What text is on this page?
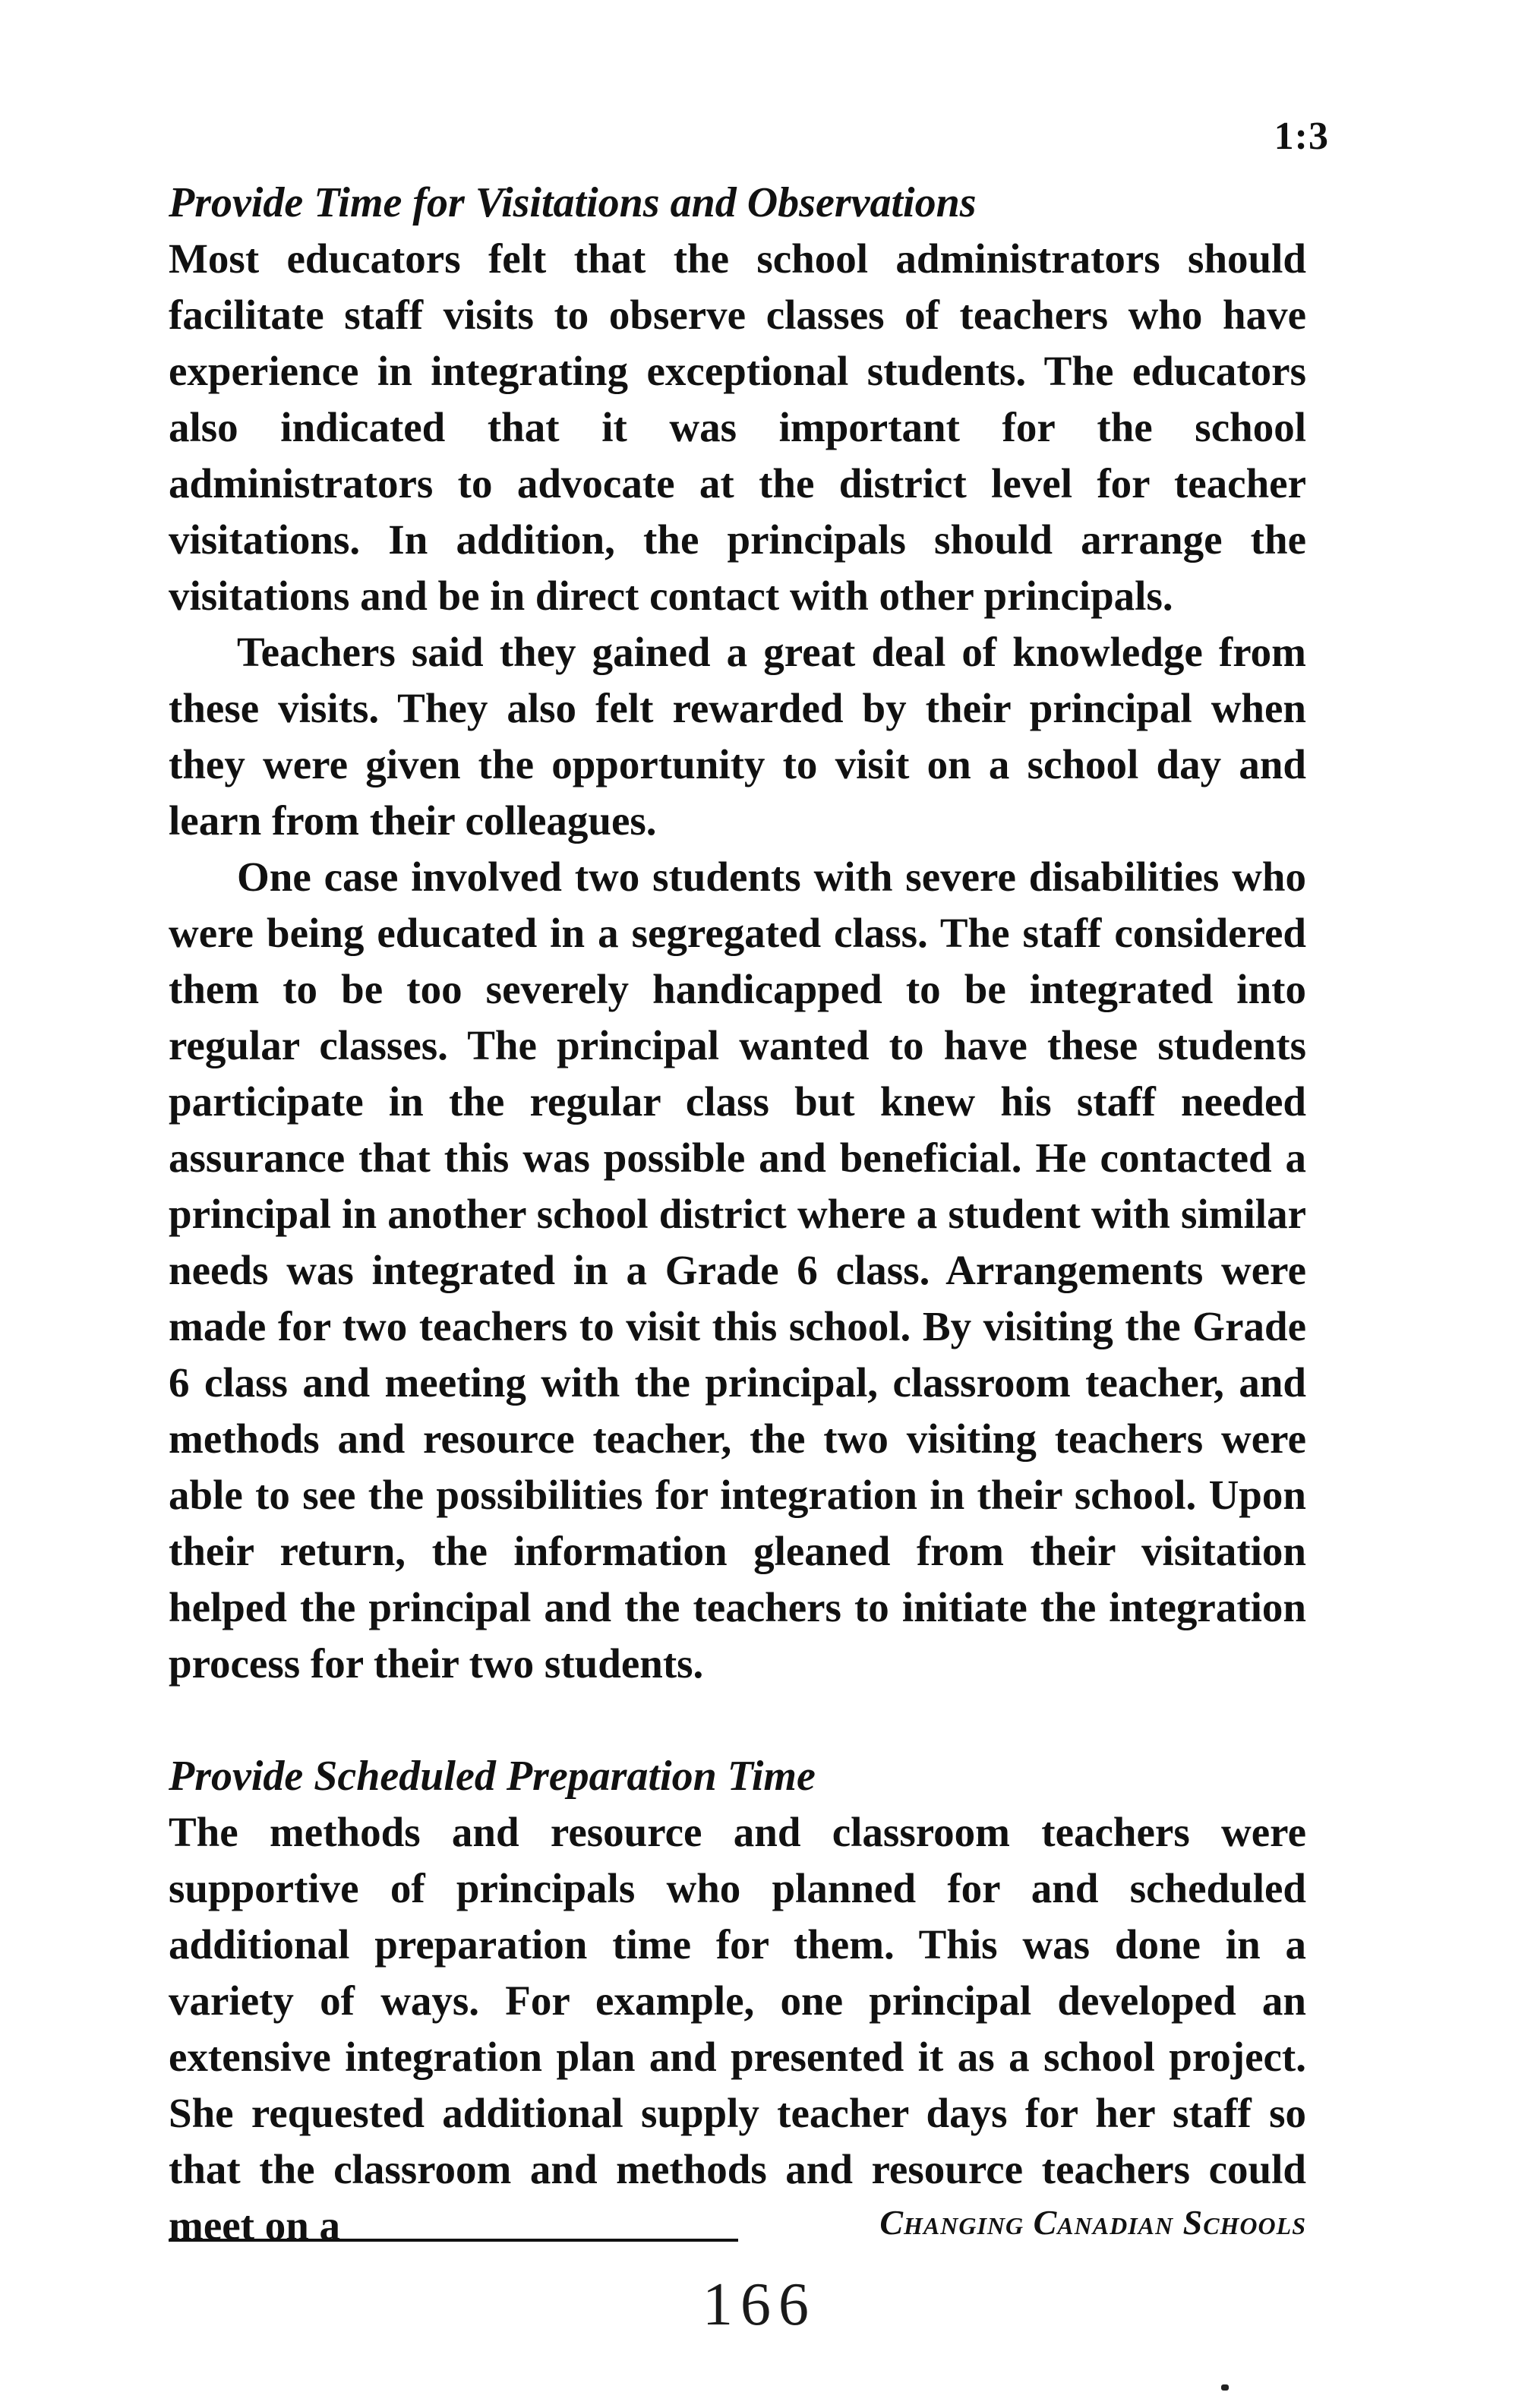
1:3
Provide Time for Visitations and Observations

Most educators felt that the school administrators should facilitate staff visits to observe classes of teachers who have experience in integrating exceptional students. The educators also indicated that it was important for the school administrators to advocate at the district level for teacher visitations. In addition, the principals should arrange the visitations and be in direct contact with other principals.

Teachers said they gained a great deal of knowledge from these visits. They also felt rewarded by their principal when they were given the opportunity to visit on a school day and learn from their colleagues.

One case involved two students with severe disabilities who were being educated in a segregated class. The staff considered them to be too severely handicapped to be integrated into regular classes. The principal wanted to have these students participate in the regular class but knew his staff needed assurance that this was possible and beneficial. He contacted a principal in another school district where a student with similar needs was integrated in a Grade 6 class. Arrangements were made for two teachers to visit this school. By visiting the Grade 6 class and meeting with the principal, classroom teacher, and methods and resource teacher, the two visiting teachers were able to see the possibilities for integration in their school. Upon their return, the information gleaned from their visitation helped the principal and the teachers to initiate the integration process for their two students.

Provide Scheduled Preparation Time

The methods and resource and classroom teachers were supportive of principals who planned for and scheduled additional preparation time for them. This was done in a variety of ways. For example, one principal developed an extensive integration plan and presented it as a school project. She requested additional supply teacher days for her staff so that the classroom and methods and resource teachers could meet on a	Changing Canadian Schools
166
